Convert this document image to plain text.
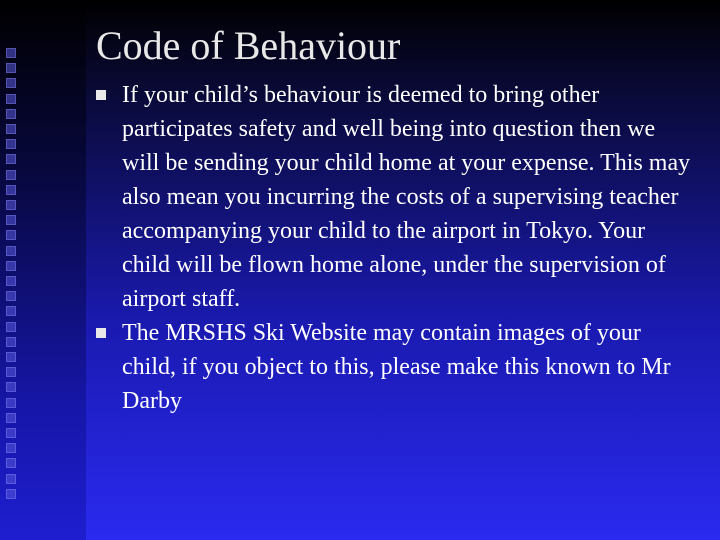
Code of Behaviour
If your child’s behaviour is deemed to bring other participates safety and well being into question then we will be sending your child home at your expense. This may also mean you incurring the costs of a supervising teacher accompanying your child to the airport in Tokyo. Your child will be flown home alone, under the supervision of airport staff.
The MRSHS Ski Website may contain images of your child, if you object to this, please make this known to Mr Darby
